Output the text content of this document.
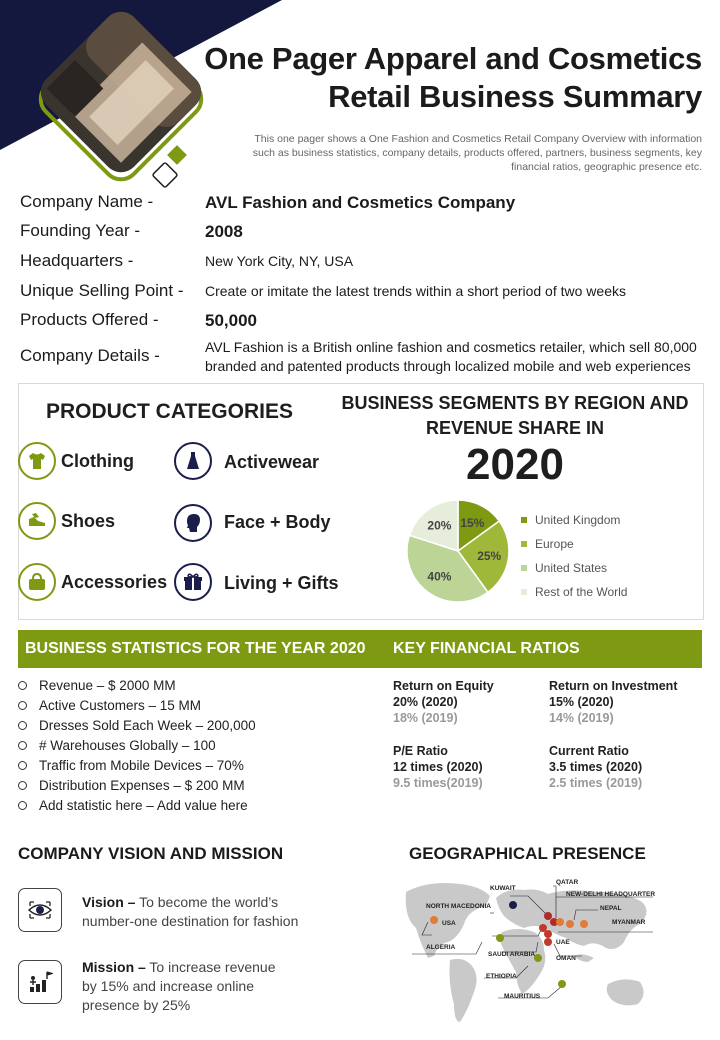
One Pager Apparel and Cosmetics
Retail Business Summary
This one pager shows a One Fashion and Cosmetics Retail Company Overview with information such as business statistics, company details, products offered, partners, business segments, key financial ratios, geographic presence etc.
Company Name -	AVL Fashion and Cosmetics Company
Founding Year -	2008
Headquarters -	New York City, NY, USA
Unique Selling Point - Create or imitate the latest trends within a short period of two weeks
Products Offered -	50,000
Company Details -	AVL Fashion is a British online fashion and cosmetics retailer, which sell 80,000
branded and patented products through localized mobile and web experiences
PRODUCT CATEGORIES
Clothing	Activewear
Shoes	Face + Body
Accessories	Living + Gifts
BUSINESS SEGMENTS BY REGION AND
REVENUE SHARE IN
2020
15%
25%
40%
20%	United Kingdom
Europe
United States
Rest of the World
BUSINESS STATISTICS FOR THE YEAR 2020 KEY FINANCIAL RATIOS
Revenue – $ 2000 MM
Active Customers – 15 MM
Dresses Sold Each Week – 200,000
# Warehouses Globally – 100
Traffic from Mobile Devices – 70%
Distribution Expenses – $ 200 MM
Add statistic here – Add value here
Return on Equity
20% (2020)
18% (2019)
Return on Investment
15% (2020)
14% (2019)
P/E Ratio
12 times (2020)
9.5 times(2019)
Current Ratio
3.5 times (2020)
2.5 times (2019)
COMPANY VISION AND MISSION
Vision – To become the world’s
number-one destination for fashion
Mission – To increase revenue
by 15% and increase online
presence by 25%
GEOGRAPHICAL PRESENCE
KUWAIT
QATAR
NEW-DELHI HEADQUARTER
NORTH MACEDONIA	NEPAL
USA	MYANMAR
UAE
ALGERIA
SAUDI ARABIA
OMAN
ETHIOPIA
MAURITIUS
